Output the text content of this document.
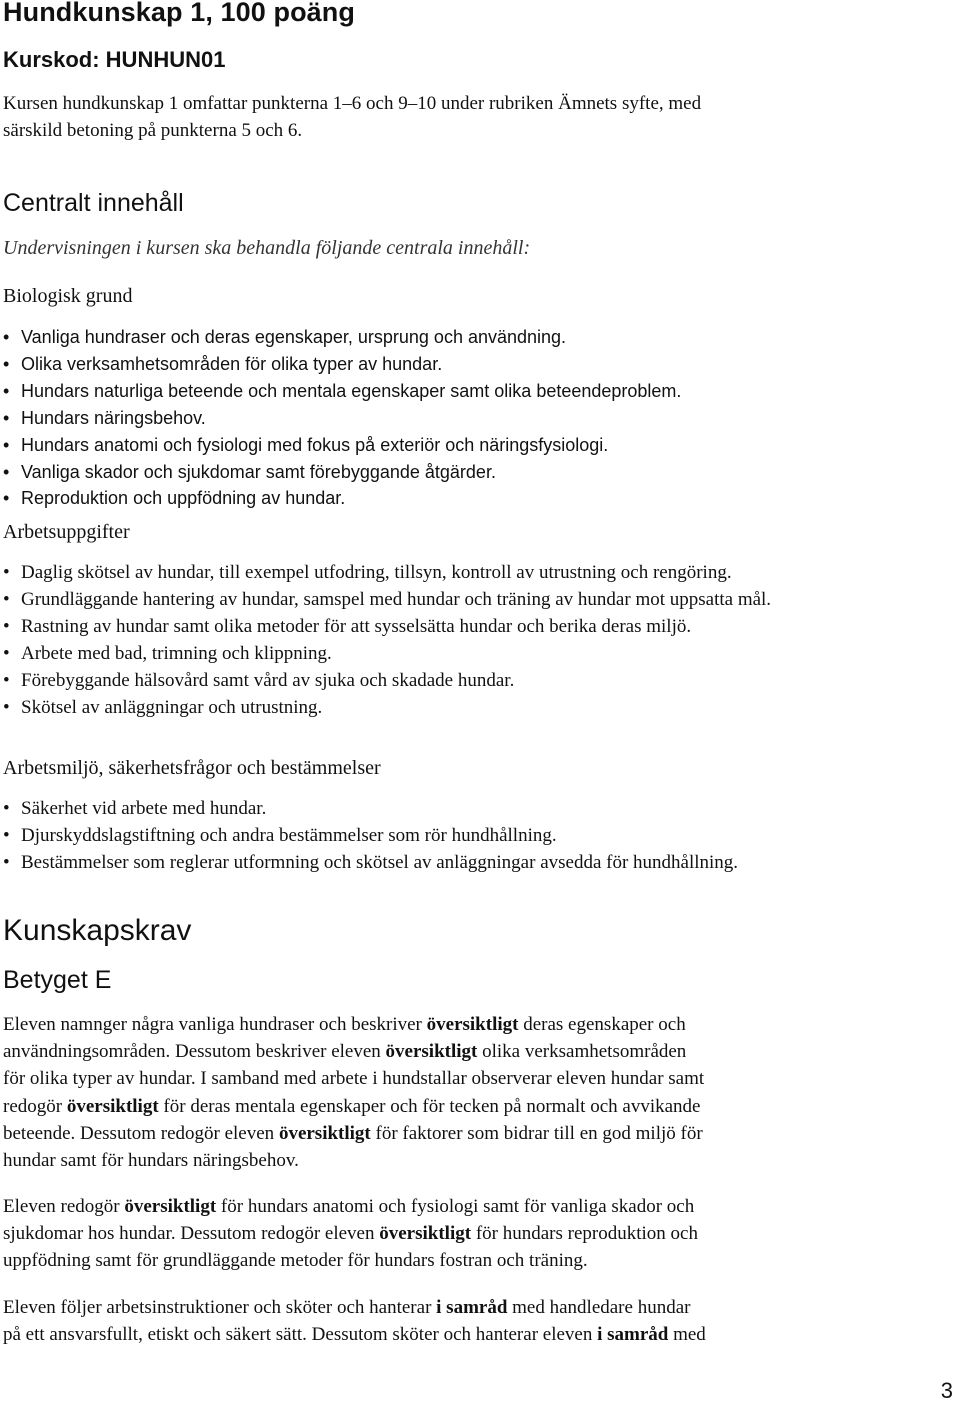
Hundkunskap 1, 100 poäng
Kurskod: HUNHUN01

Kursen hundkunskap 1 omfattar punkterna 1–6 och 9–10 under rubriken Ämnets syfte, med
särskild betoning på punkterna 5 och 6.

Centralt innehåll
Undervisningen i kursen ska behandla följande centrala innehåll:
Biologisk grund
• Vanliga hundraser och deras egenskaper, ursprung och användning.
• Olika verksamhetsområden för olika typer av hundar.
• Hundars naturliga beteende och mentala egenskaper samt olika beteendeproblem.
• Hundars näringsbehov.
• Hundars anatomi och fysiologi med fokus på exteriör och näringsfysiologi.
• Vanliga skador och sjukdomar samt förebyggande åtgärder.
• Reproduktion och uppfödning av hundar.
Arbetsuppgifter
• Daglig skötsel av hundar, till exempel utfodring, tillsyn, kontroll av utrustning och rengöring.
• Grundläggande hantering av hundar, samspel med hundar och träning av hundar mot uppsatta mål.
• Rastning av hundar samt olika metoder för att sysselsätta hundar och berika deras miljö.
• Arbete med bad, trimning och klippning.
• Förebyggande hälsovård samt vård av sjuka och skadade hundar.
• Skötsel av anläggningar och utrustning.
Arbetsmiljö, säkerhetsfrågor och bestämmelser
• Säkerhet vid arbete med hundar.
• Djurskyddslagstiftning och andra bestämmelser som rör hundhållning.
• Bestämmelser som reglerar utformning och skötsel av anläggningar avsedda för hundhållning.
Kunskapskrav
Betyget E
Eleven namnger några vanliga hundraser och beskriver översiktligt deras egenskaper och
användningsområden. Dessutom beskriver eleven översiktligt olika verksamhetsområden
för olika typer av hundar. I samband med arbete i hundstallar observerar eleven hundar samt
redogör översiktligt för deras mentala egenskaper och för tecken på normalt och avvikande
beteende. Dessutom redogör eleven översiktligt för faktorer som bidrar till en god miljö för
hundar samt för hundars näringsbehov.
Eleven redogör översiktligt för hundars anatomi och fysiologi samt för vanliga skador och
sjukdomar hos hundar. Dessutom redogör eleven översiktligt för hundars reproduktion och
uppfödning samt för grundläggande metoder för hundars fostran och träning.
Eleven följer arbetsinstruktioner och sköter och hanterar i samråd med handledare hundar
på ett ansvarsfullt, etiskt och säkert sätt. Dessutom sköter och hanterar eleven i samråd med
3
